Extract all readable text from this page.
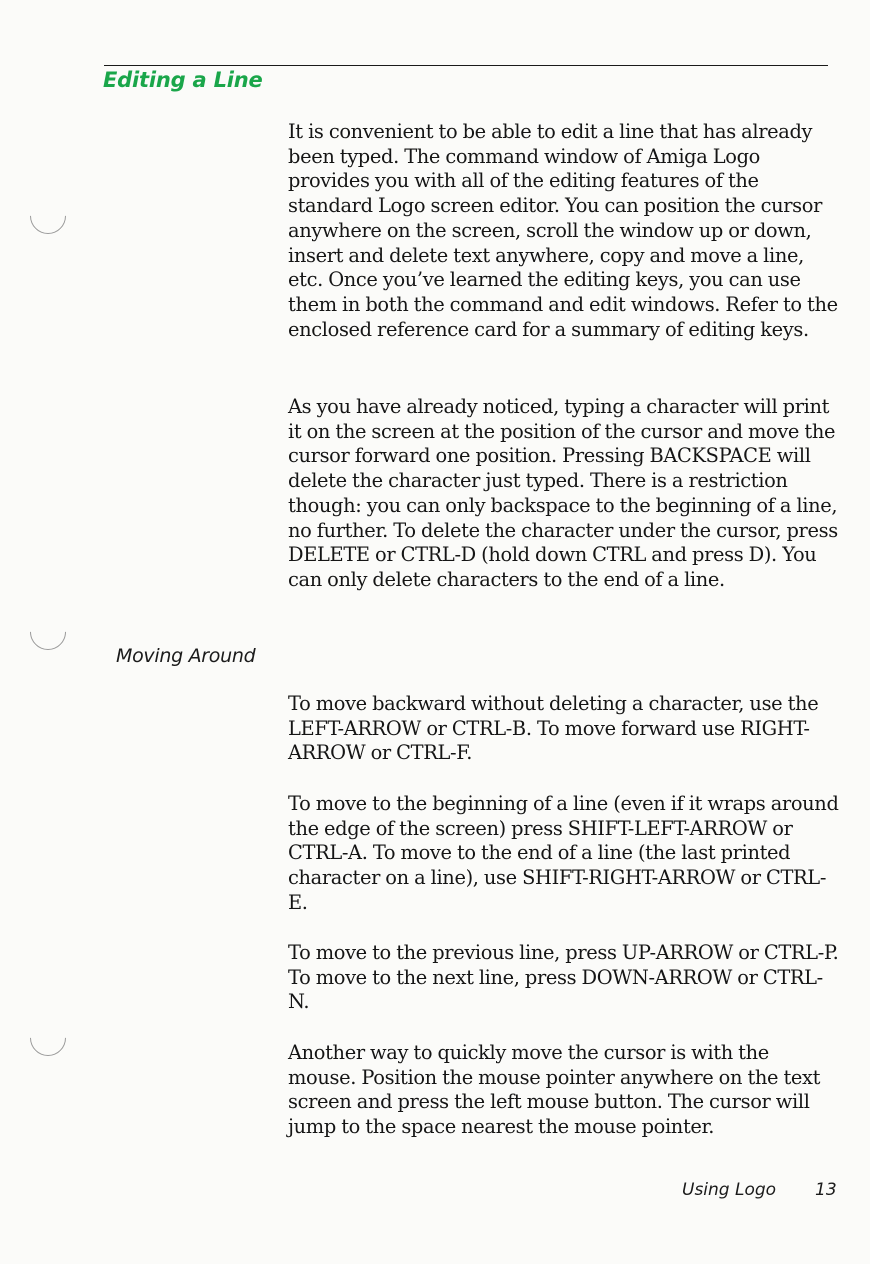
Editing a Line

It is convenient to be able to edit a line that has already been typed. The command window of Amiga Logo provides you with all of the editing features of the standard Logo screen editor. You can position the cursor anywhere on the screen, scroll the window up or down, insert and delete text anywhere, copy and move a line, etc. Once you’ve learned the editing keys, you can use them in both the command and edit windows. Refer to the enclosed reference card for a summary of editing keys.

As you have already noticed, typing a character will print it on the screen at the position of the cursor and move the cursor forward one position. Pressing BACKSPACE will delete the character just typed. There is a restriction though: you can only backspace to the beginning of a line, no further. To delete the character under the cursor, press DELETE or CTRL-D (hold down CTRL and press D). You can only delete characters to the end of a line.

Moving Around

To move backward without deleting a character, use the LEFT-ARROW or CTRL-B. To move forward use RIGHT-ARROW or CTRL-F.

To move to the beginning of a line (even if it wraps around the edge of the screen) press SHIFT-LEFT-ARROW or CTRL-A. To move to the end of a line (the last printed character on a line), use SHIFT-RIGHT-ARROW or CTRL-E.

To move to the previous line, press UP-ARROW or CTRL-P. To move to the next line, press DOWN-ARROW or CTRL-N.

Another way to quickly move the cursor is with the mouse. Position the mouse pointer anywhere on the text screen and press the left mouse button. The cursor will jump to the space nearest the mouse pointer.

Using Logo 13
